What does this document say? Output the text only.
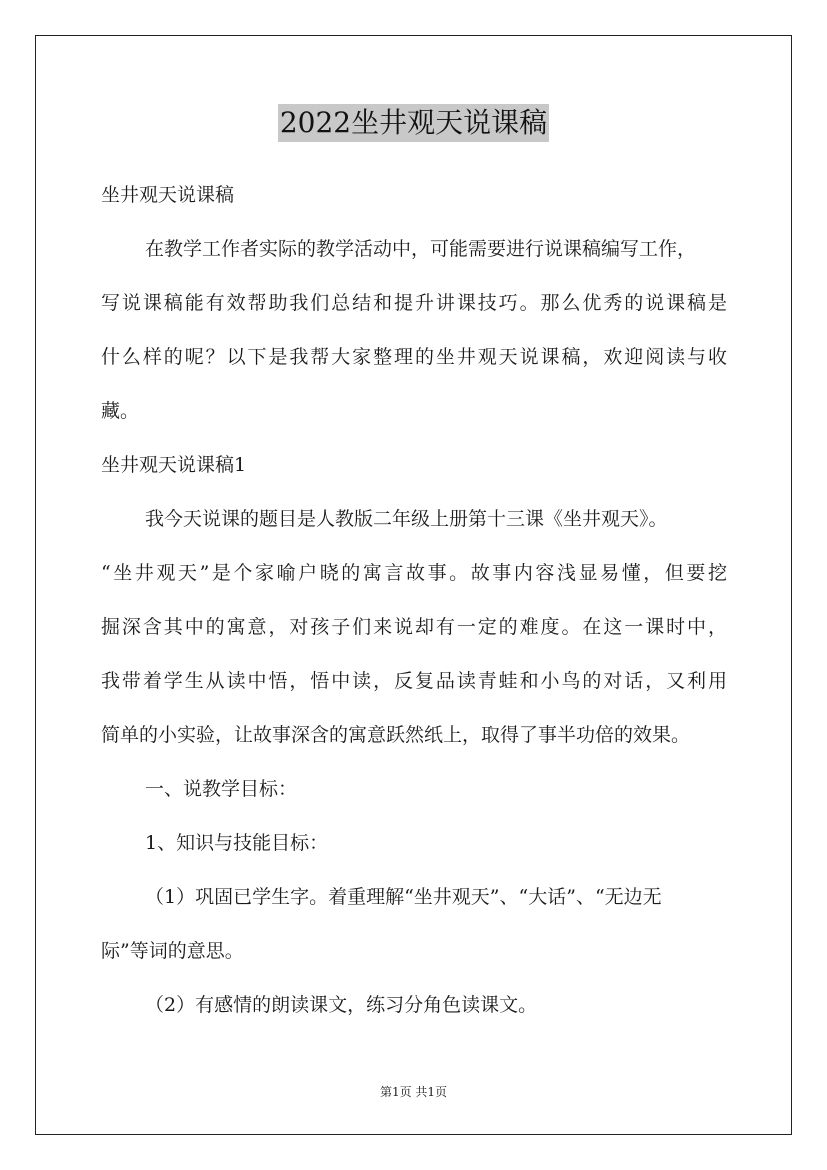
2022坐井观天说课稿
坐井观天说课稿
在教学工作者实际的教学活动中，可能需要进行说课稿编写工作，
写说课稿能有效帮助我们总结和提升讲课技巧。那么优秀的说课稿是
什么样的呢？以下是我帮大家整理的坐井观天说课稿，欢迎阅读与收
藏。
坐井观天说课稿1
我今天说课的题目是人教版二年级上册第十三课《坐井观天》。
“坐井观天”是个家喻户晓的寓言故事。故事内容浅显易懂，但要挖
掘深含其中的寓意，对孩子们来说却有一定的难度。在这一课时中，
我带着学生从读中悟，悟中读，反复品读青蛙和小鸟的对话，又利用
简单的小实验，让故事深含的寓意跃然纸上，取得了事半功倍的效果。
一、说教学目标：
1、知识与技能目标：
（1）巩固已学生字。着重理解“坐井观天”、“大话”、“无边无
际”等词的意思。
（2）有感情的朗读课文，练习分角色读课文。
第1页 共1页
